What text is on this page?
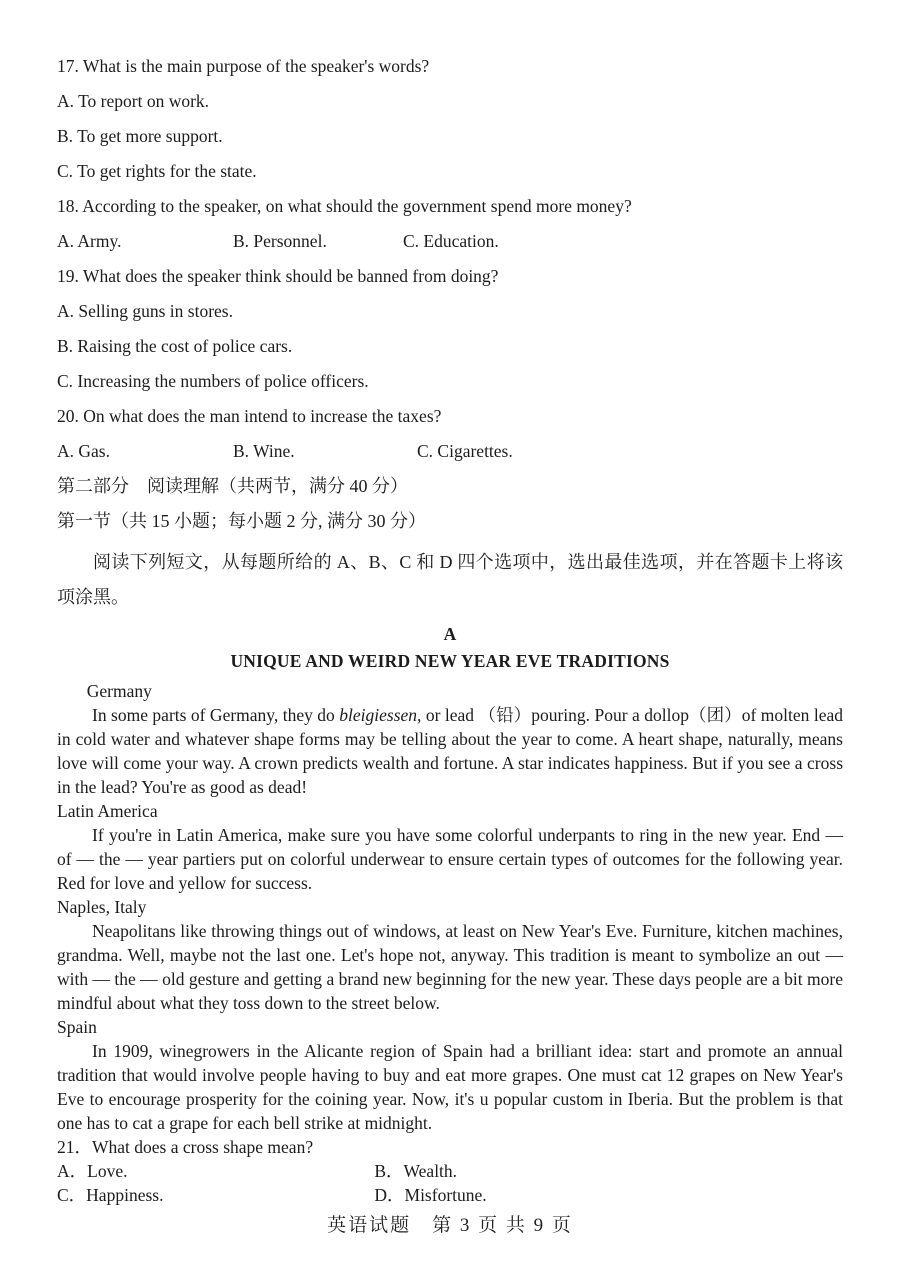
17. What is the main purpose of the speaker's words?

A. To report on work.

B. To get more support.

C. To get rights for the state.

18. According to the speaker, on what should the government spend more money?

A. Army.	B. Personnel.	C. Education.

19. What does the speaker think should be banned from doing?

A. Selling guns in stores.

B. Raising the cost of police cars.

C. Increasing the numbers of police officers.

20. On what does the man intend to increase the taxes?

A. Gas.	B. Wine.	C. Cigarettes.

第二部分　阅读理解（共两节，满分 40 分）

第一节（共 15 小题；每小题 2 分, 满分 30 分）

阅读下列短文，从每题所给的 A、B、C 和 D 四个选项中，选出最佳选项，并在答题卡上将该项涂黑。

A

UNIQUE AND WEIRD NEW YEAR EVE TRADITIONS

Germany

In some parts of Germany, they do bleigiessen, or lead （铅）pouring. Pour a dollop（团）of molten lead in cold water and whatever shape forms may be telling about the year to come. A heart shape, naturally, means love will come your way. A crown predicts wealth and fortune. A star indicates happiness. But if you see a cross in the lead? You're as good as dead!

Latin America

If you're in Latin America, make sure you have some colorful underpants to ring in the new year. End — of — the — year partiers put on colorful underwear to ensure certain types of outcomes for the following year. Red for love and yellow for success.

Naples, Italy

Neapolitans like throwing things out of windows, at least on New Year's Eve. Furniture, kitchen machines, grandma. Well, maybe not the last one. Let's hope not, anyway. This tradition is meant to symbolize an out — with — the — old gesture and getting a brand new beginning for the new year. These days people are a bit more mindful about what they toss down to the street below.

Spain

In 1909, winegrowers in the Alicante region of Spain had a brilliant idea: start and promote an annual tradition that would involve people having to buy and eat more grapes. One must cat 12 grapes on New Year's Eve to encourage prosperity for the coining year. Now, it's u popular custom in Iberia. But the problem is that one has to cat a grape for each bell strike at midnight.

21．What does a cross shape mean?

A．Love.	B．Wealth.
C．Happiness.	D．Misfortune.

英语试题　第 3 页 共 9 页
